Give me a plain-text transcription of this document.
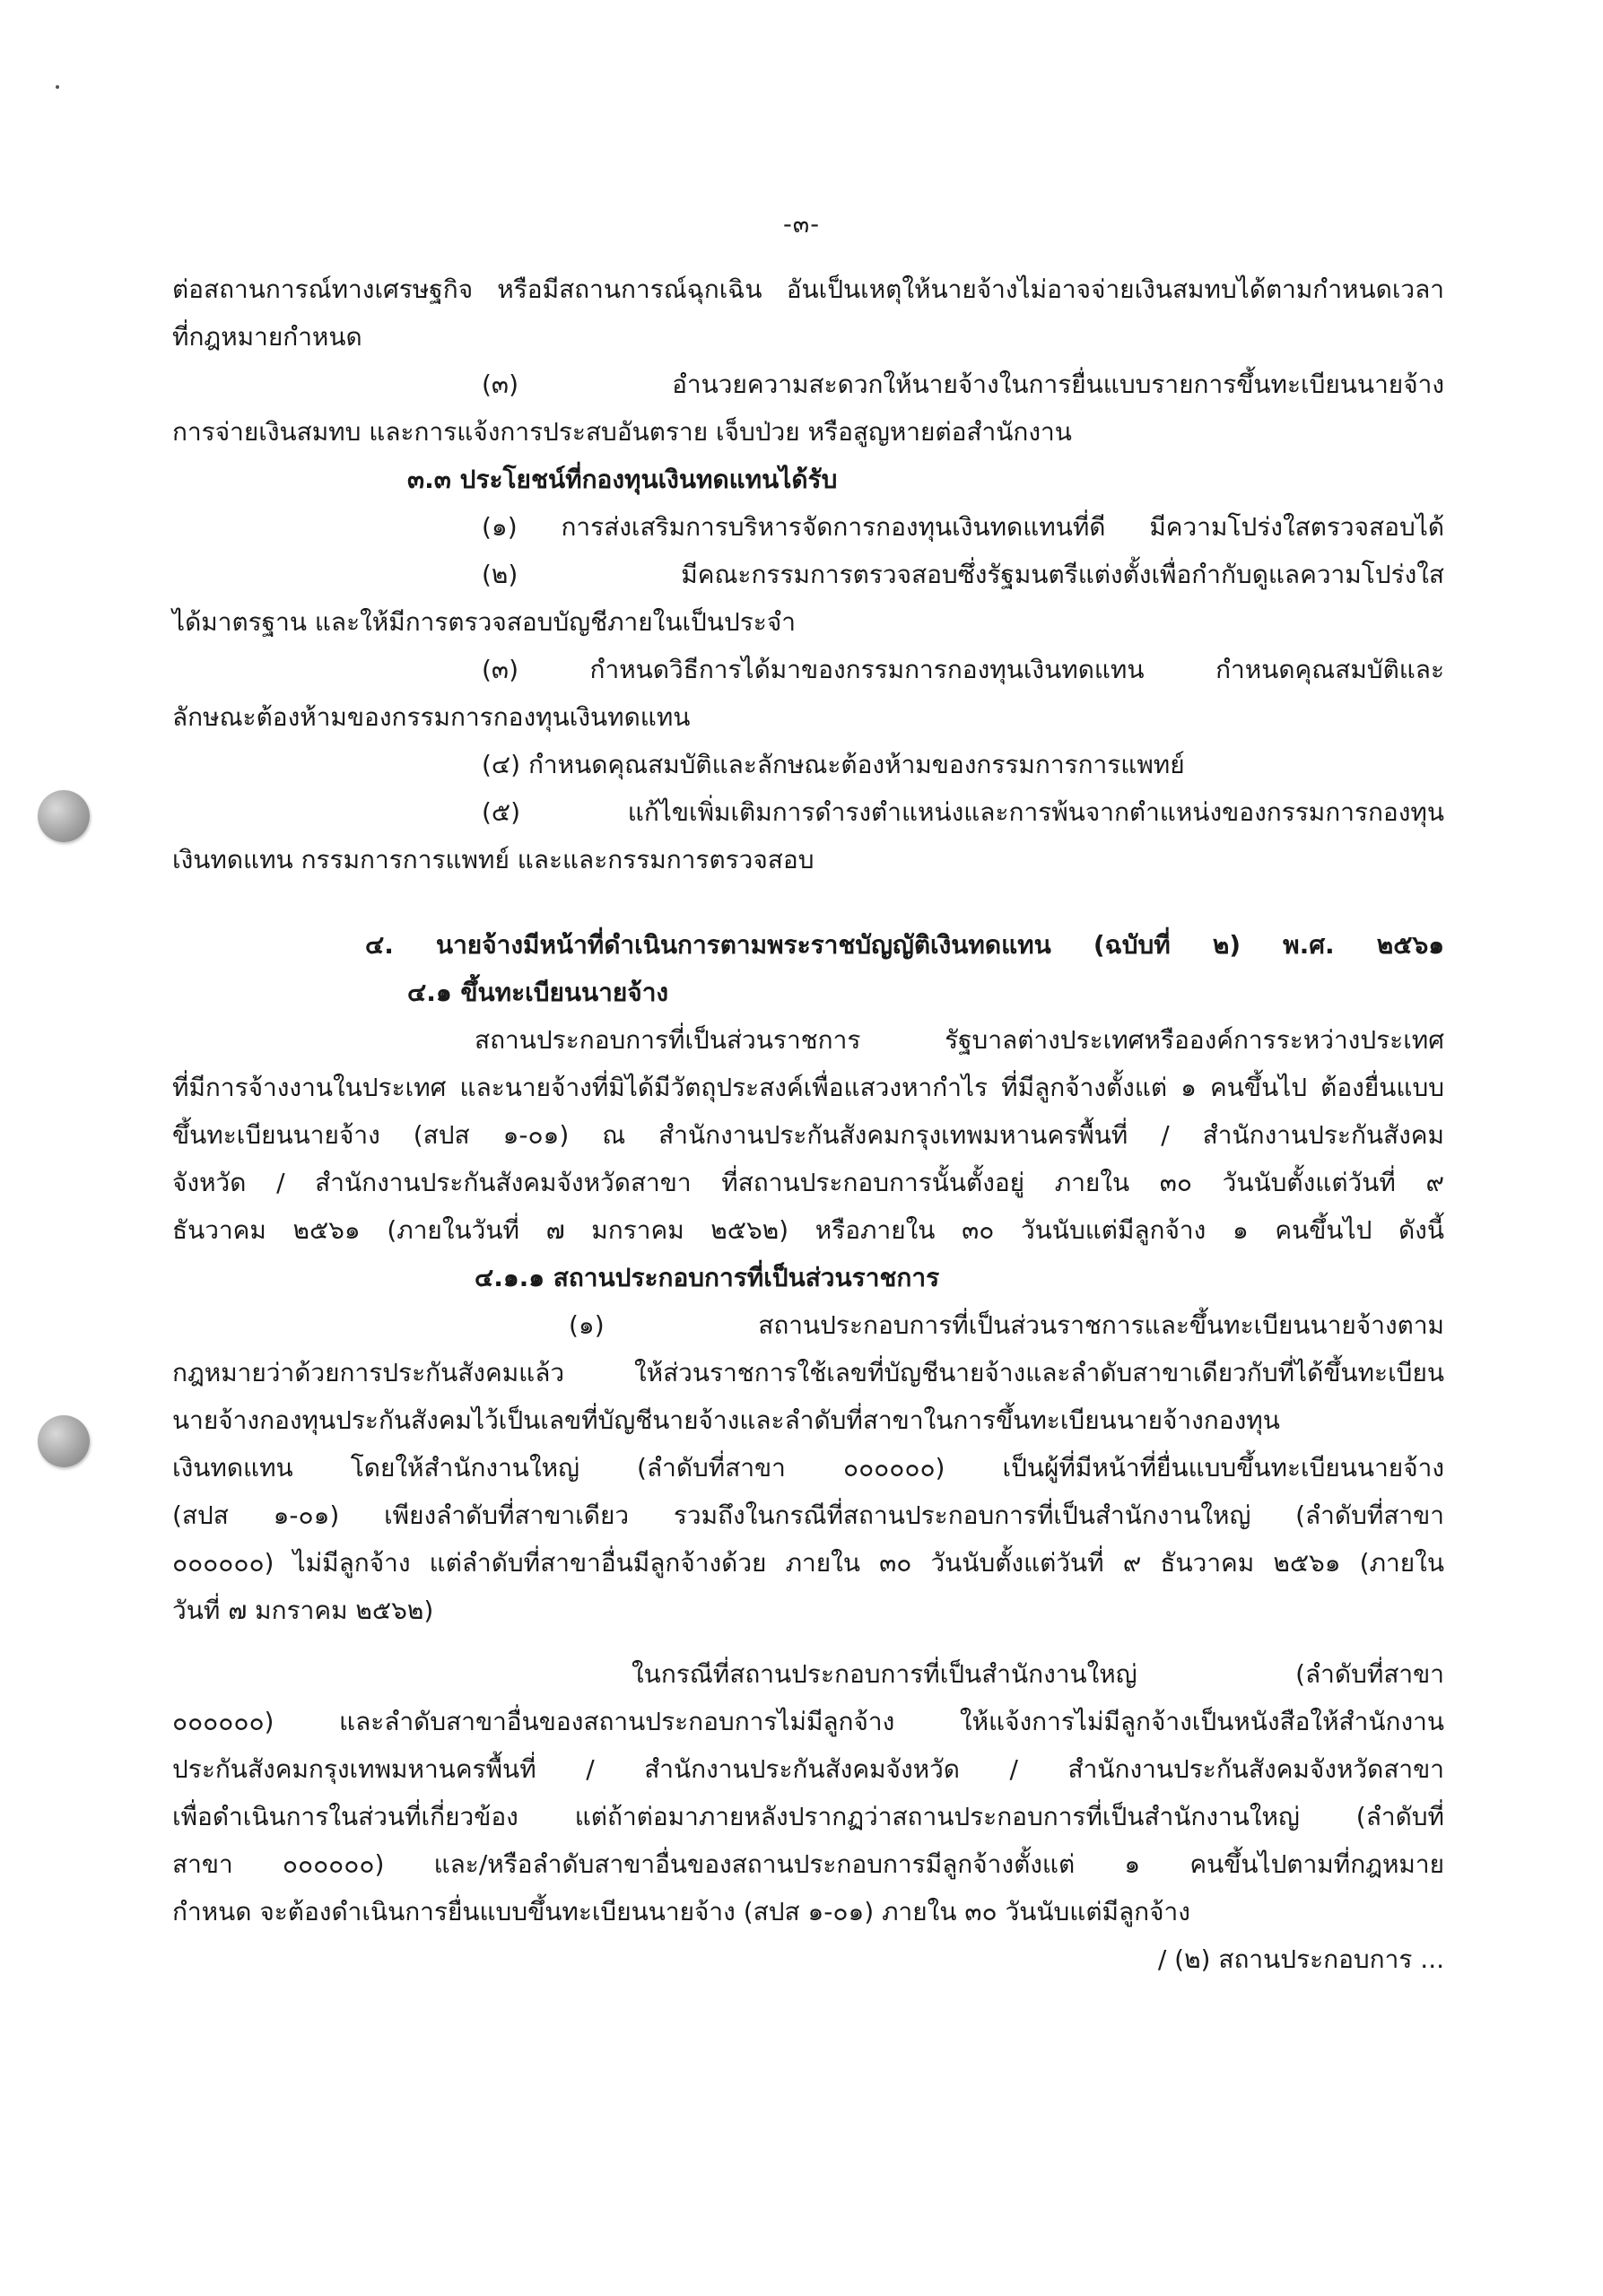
-๓-

ต่อสถานการณ์ทางเศรษฐกิจ หรือมีสถานการณ์ฉุกเฉิน อันเป็นเหตุให้นายจ้างไม่อาจจ่ายเงินสมทบได้ตามกำหนดเวลา

ที่กฎหมายกำหนด

(๓) อำนวยความสะดวกให้นายจ้างในการยื่นแบบรายการขึ้นทะเบียนนายจ้าง

การจ่ายเงินสมทบ และการแจ้งการประสบอันตราย เจ็บป่วย หรือสูญหายต่อสำนักงาน

๓.๓ ประโยชน์ที่กองทุนเงินทดแทนได้รับ

(๑) การส่งเสริมการบริหารจัดการกองทุนเงินทดแทนที่ดี มีความโปร่งใสตรวจสอบได้

(๒) มีคณะกรรมการตรวจสอบซึ่งรัฐมนตรีแต่งตั้งเพื่อกำกับดูแลความโปร่งใส

ได้มาตรฐาน และให้มีการตรวจสอบบัญชีภายในเป็นประจำ

(๓) กำหนดวิธีการได้มาของกรรมการกองทุนเงินทดแทน กำหนดคุณสมบัติและ

ลักษณะต้องห้ามของกรรมการกองทุนเงินทดแทน

(๔) กำหนดคุณสมบัติและลักษณะต้องห้ามของกรรมการการแพทย์

(๕) แก้ไขเพิ่มเติมการดำรงตำแหน่งและการพ้นจากตำแหน่งของกรรมการกองทุน

เงินทดแทน กรรมการการแพทย์ และและกรรมการตรวจสอบ

๔. นายจ้างมีหน้าที่ดำเนินการตามพระราชบัญญัติเงินทดแทน (ฉบับที่ ๒) พ.ศ. ๒๕๖๑

๔.๑ ขึ้นทะเบียนนายจ้าง

สถานประกอบการที่เป็นส่วนราชการ รัฐบาลต่างประเทศหรือองค์การระหว่างประเทศ

ที่มีการจ้างงานในประเทศ และนายจ้างที่มิได้มีวัตถุประสงค์เพื่อแสวงหากำไร ที่มีลูกจ้างตั้งแต่ ๑ คนขึ้นไป ต้องยื่นแบบ

ขึ้นทะเบียนนายจ้าง (สปส ๑-๐๑) ณ สำนักงานประกันสังคมกรุงเทพมหานครพื้นที่ / สำนักงานประกันสังคม

จังหวัด / สำนักงานประกันสังคมจังหวัดสาขา ที่สถานประกอบการนั้นตั้งอยู่ ภายใน ๓๐ วันนับตั้งแต่วันที่ ๙

ธันวาคม ๒๕๖๑ (ภายในวันที่ ๗ มกราคม ๒๕๖๒) หรือภายใน ๓๐ วันนับแต่มีลูกจ้าง ๑ คนขึ้นไป ดังนี้

๔.๑.๑ สถานประกอบการที่เป็นส่วนราชการ

(๑) สถานประกอบการที่เป็นส่วนราชการและขึ้นทะเบียนนายจ้างตาม

กฎหมายว่าด้วยการประกันสังคมแล้ว ให้ส่วนราชการใช้เลขที่บัญชีนายจ้างและลำดับสาขาเดียวกับที่ได้ขึ้นทะเบียน

นายจ้างกองทุนประกันสังคมไว้เป็นเลขที่บัญชีนายจ้างและลำดับที่สาขาในการขึ้นทะเบียนนายจ้างกองทุน

เงินทดแทน โดยให้สำนักงานใหญ่ (ลำดับที่สาขา ๐๐๐๐๐๐) เป็นผู้ที่มีหน้าที่ยื่นแบบขึ้นทะเบียนนายจ้าง

(สปส ๑-๐๑) เพียงลำดับที่สาขาเดียว รวมถึงในกรณีที่สถานประกอบการที่เป็นสำนักงานใหญ่ (ลำดับที่สาขา

๐๐๐๐๐๐) ไม่มีลูกจ้าง แต่ลำดับที่สาขาอื่นมีลูกจ้างด้วย ภายใน ๓๐ วันนับตั้งแต่วันที่ ๙ ธันวาคม ๒๕๖๑ (ภายใน

วันที่ ๗ มกราคม ๒๕๖๒)

ในกรณีที่สถานประกอบการที่เป็นสำนักงานใหญ่ (ลำดับที่สาขา

๐๐๐๐๐๐) และลำดับสาขาอื่นของสถานประกอบการไม่มีลูกจ้าง ให้แจ้งการไม่มีลูกจ้างเป็นหนังสือให้สำนักงาน

ประกันสังคมกรุงเทพมหานครพื้นที่ / สำนักงานประกันสังคมจังหวัด / สำนักงานประกันสังคมจังหวัดสาขา

เพื่อดำเนินการในส่วนที่เกี่ยวข้อง แต่ถ้าต่อมาภายหลังปรากฏว่าสถานประกอบการที่เป็นสำนักงานใหญ่ (ลำดับที่

สาขา ๐๐๐๐๐๐) และ/หรือลำดับสาขาอื่นของสถานประกอบการมีลูกจ้างตั้งแต่ ๑ คนขึ้นไปตามที่กฎหมาย

กำหนด จะต้องดำเนินการยื่นแบบขึ้นทะเบียนนายจ้าง (สปส ๑-๐๑) ภายใน ๓๐ วันนับแต่มีลูกจ้าง

/ (๒) สถานประกอบการ ...
